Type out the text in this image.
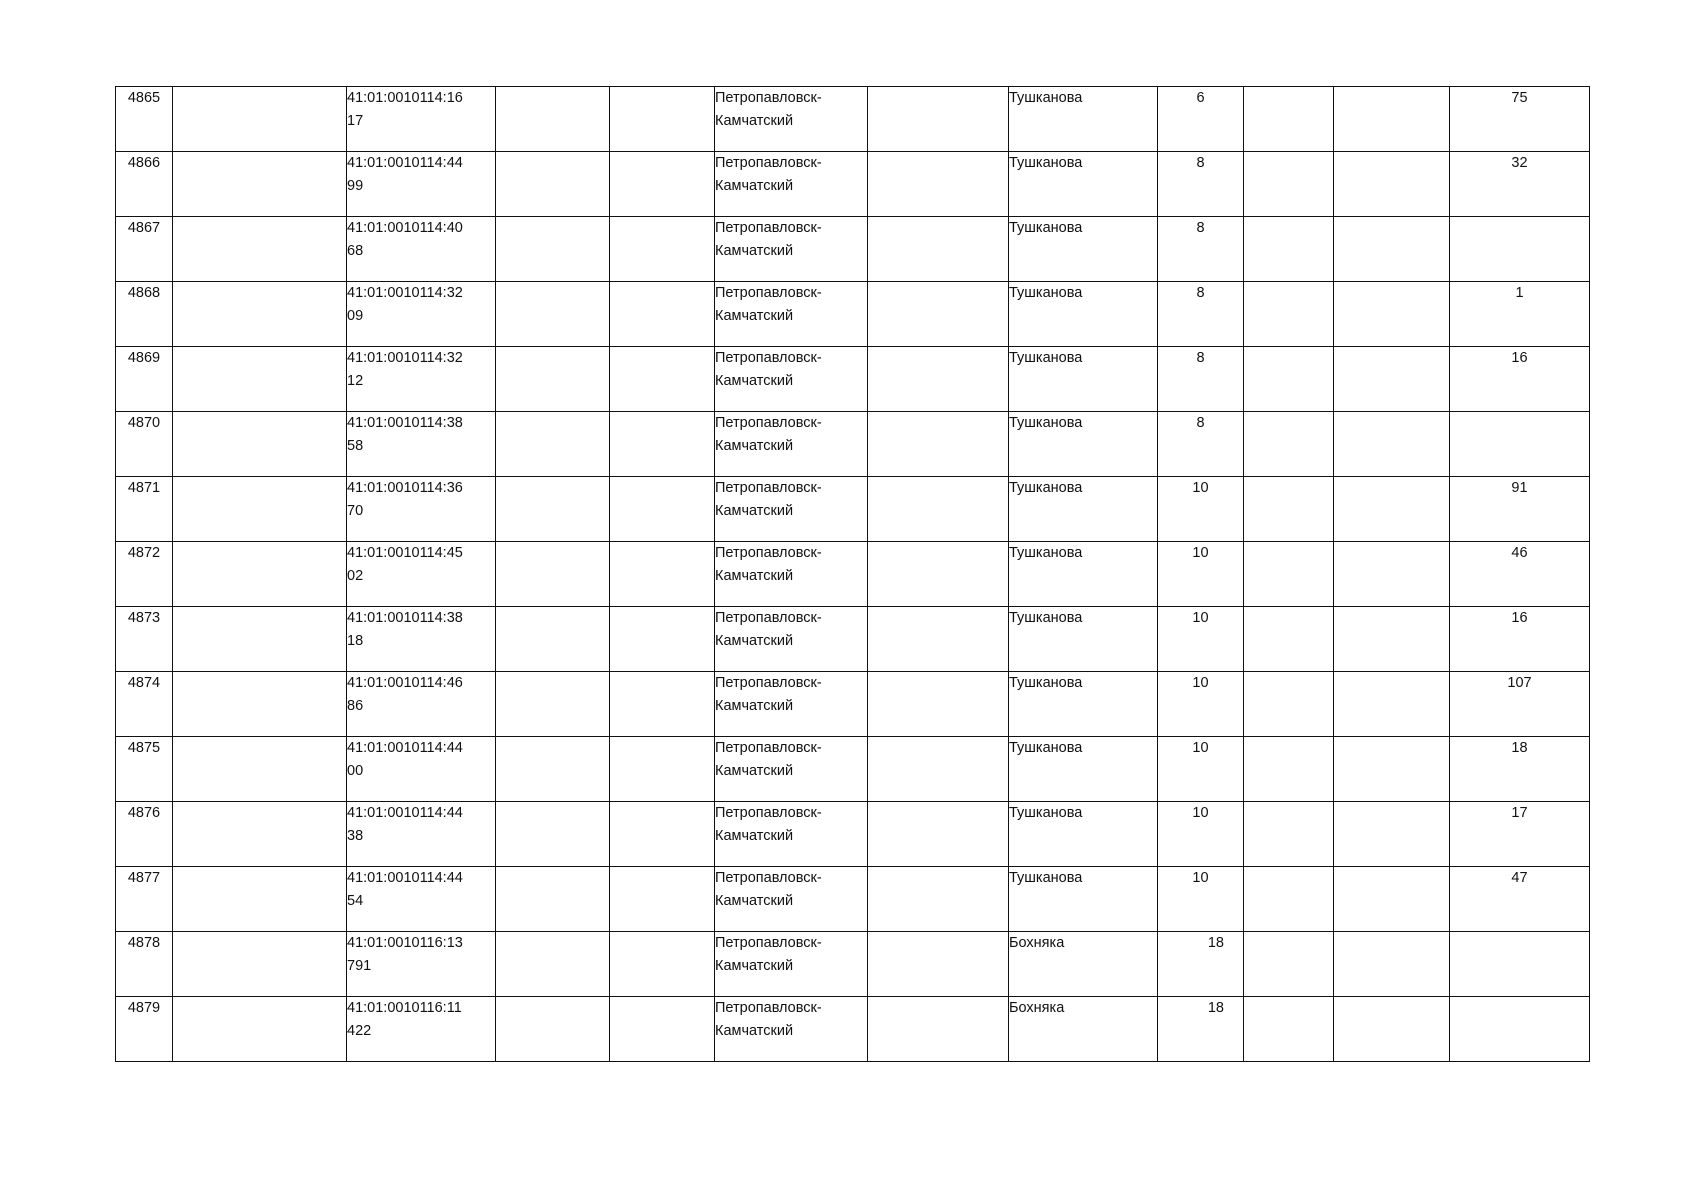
4865		41:01:0010114:16
17			Петропавловск-
Камчатский		Тушканова	6			75

4866		41:01:0010114:44
99			Петропавловск-
Камчатский		Тушканова	8			32

4867		41:01:0010114:40
68			Петропавловск-
Камчатский		Тушканова	8			

4868		41:01:0010114:32
09			Петропавловск-
Камчатский		Тушканова	8			1

4869		41:01:0010114:32
12			Петропавловск-
Камчатский		Тушканова	8			16

4870		41:01:0010114:38
58			Петропавловск-
Камчатский		Тушканова	8			

4871		41:01:0010114:36
70			Петропавловск-
Камчатский		Тушканова	10			91

4872		41:01:0010114:45
02			Петропавловск-
Камчатский		Тушканова	10			46

4873		41:01:0010114:38
18			Петропавловск-
Камчатский		Тушканова	10			16

4874		41:01:0010114:46
86			Петропавловск-
Камчатский		Тушканова	10			107

4875		41:01:0010114:44
00			Петропавловск-
Камчатский		Тушканова	10			18

4876		41:01:0010114:44
38			Петропавловск-
Камчатский		Тушканова	10			17

4877		41:01:0010114:44
54			Петропавловск-
Камчатский		Тушканова	10			47

4878		41:01:0010116:13
791			Петропавловск-
Камчатский		Бохняка	18			

4879		41:01:0010116:11
422			Петропавловск-
Камчатский		Бохняка	18			
